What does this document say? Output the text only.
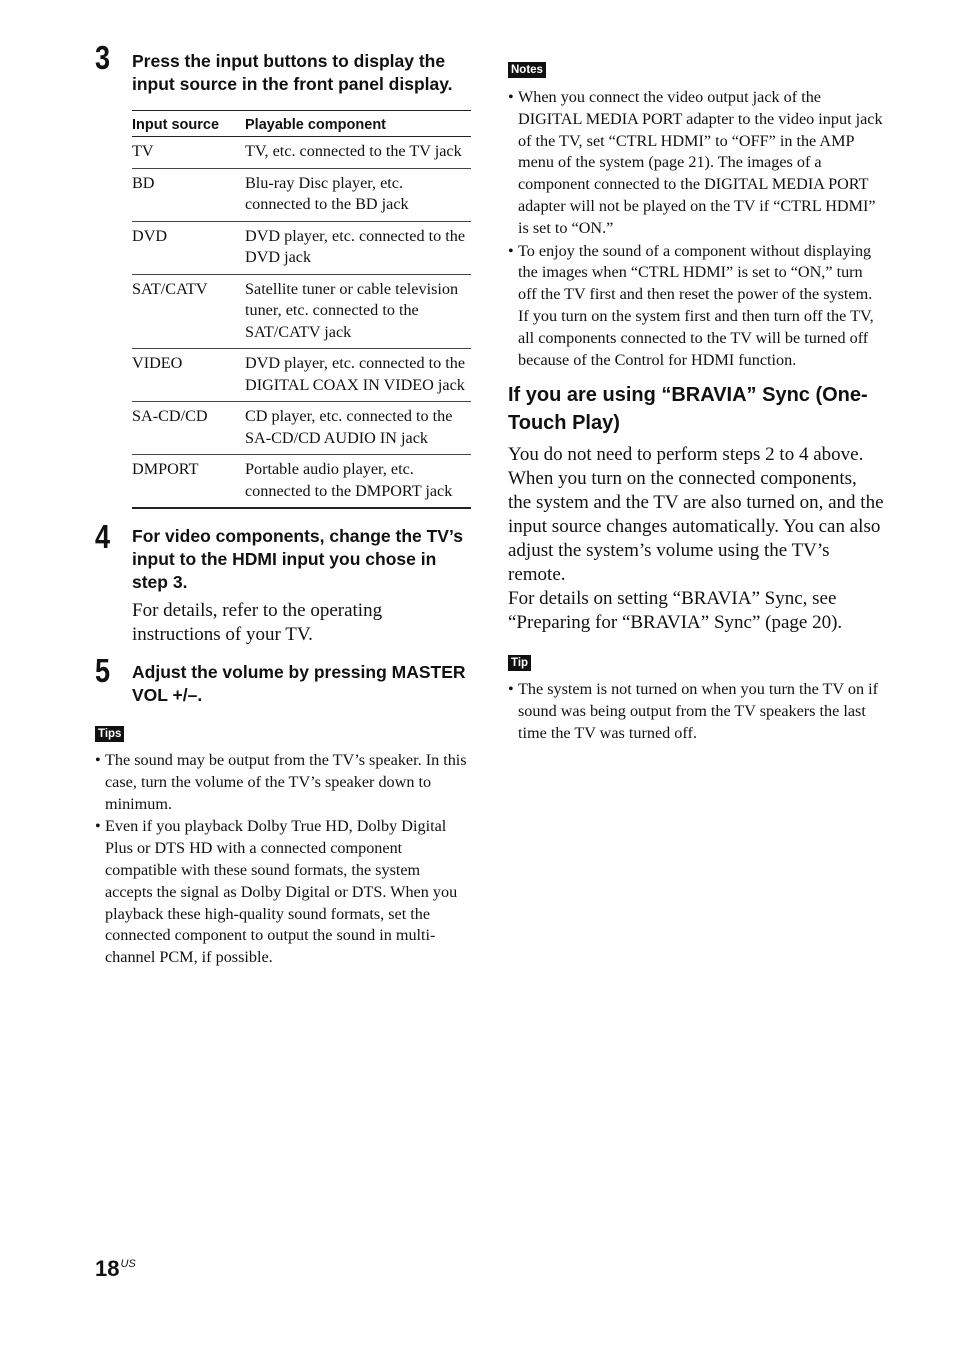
3 Press the input buttons to display the input source in the front panel display.
Input source	Playable component
TV	TV, etc. connected to the TV jack
BD	Blu-ray Disc player, etc. connected to the BD jack
DVD	DVD player, etc. connected to the DVD jack
SAT/CATV	Satellite tuner or cable television tuner, etc. connected to the SAT/CATV jack
VIDEO	DVD player, etc. connected to the DIGITAL COAX IN VIDEO jack
SA-CD/CD	CD player, etc. connected to the SA-CD/CD AUDIO IN jack
DMPORT	Portable audio player, etc. connected to the DMPORT jack
4 For video components, change the TV’s input to the HDMI input you chose in step 3.
For details, refer to the operating instructions of your TV.
5 Adjust the volume by pressing MASTER VOL +/–.
Tips
• The sound may be output from the TV’s speaker. In this case, turn the volume of the TV’s speaker down to minimum.
• Even if you playback Dolby True HD, Dolby Digital Plus or DTS HD with a connected component compatible with these sound formats, the system accepts the signal as Dolby Digital or DTS. When you playback these high-quality sound formats, set the connected component to output the sound in multi-channel PCM, if possible.
Notes
• When you connect the video output jack of the DIGITAL MEDIA PORT adapter to the video input jack of the TV, set “CTRL HDMI” to “OFF” in the AMP menu of the system (page 21). The images of a component connected to the DIGITAL MEDIA PORT adapter will not be played on the TV if “CTRL HDMI” is set to “ON.”
• To enjoy the sound of a component without displaying the images when “CTRL HDMI” is set to “ON,” turn off the TV first and then reset the power of the system.
If you turn on the system first and then turn off the TV, all components connected to the TV will be turned off because of the Control for HDMI function.
If you are using “BRAVIA” Sync (One-Touch Play)
You do not need to perform steps 2 to 4 above. When you turn on the connected components, the system and the TV are also turned on, and the input source changes automatically. You can also adjust the system’s volume using the TV’s remote.
For details on setting “BRAVIA” Sync, see “Preparing for “BRAVIA” Sync” (page 20).
Tip
• The system is not turned on when you turn the TV on if sound was being output from the TV speakers the last time the TV was turned off.
$18^{US}$
